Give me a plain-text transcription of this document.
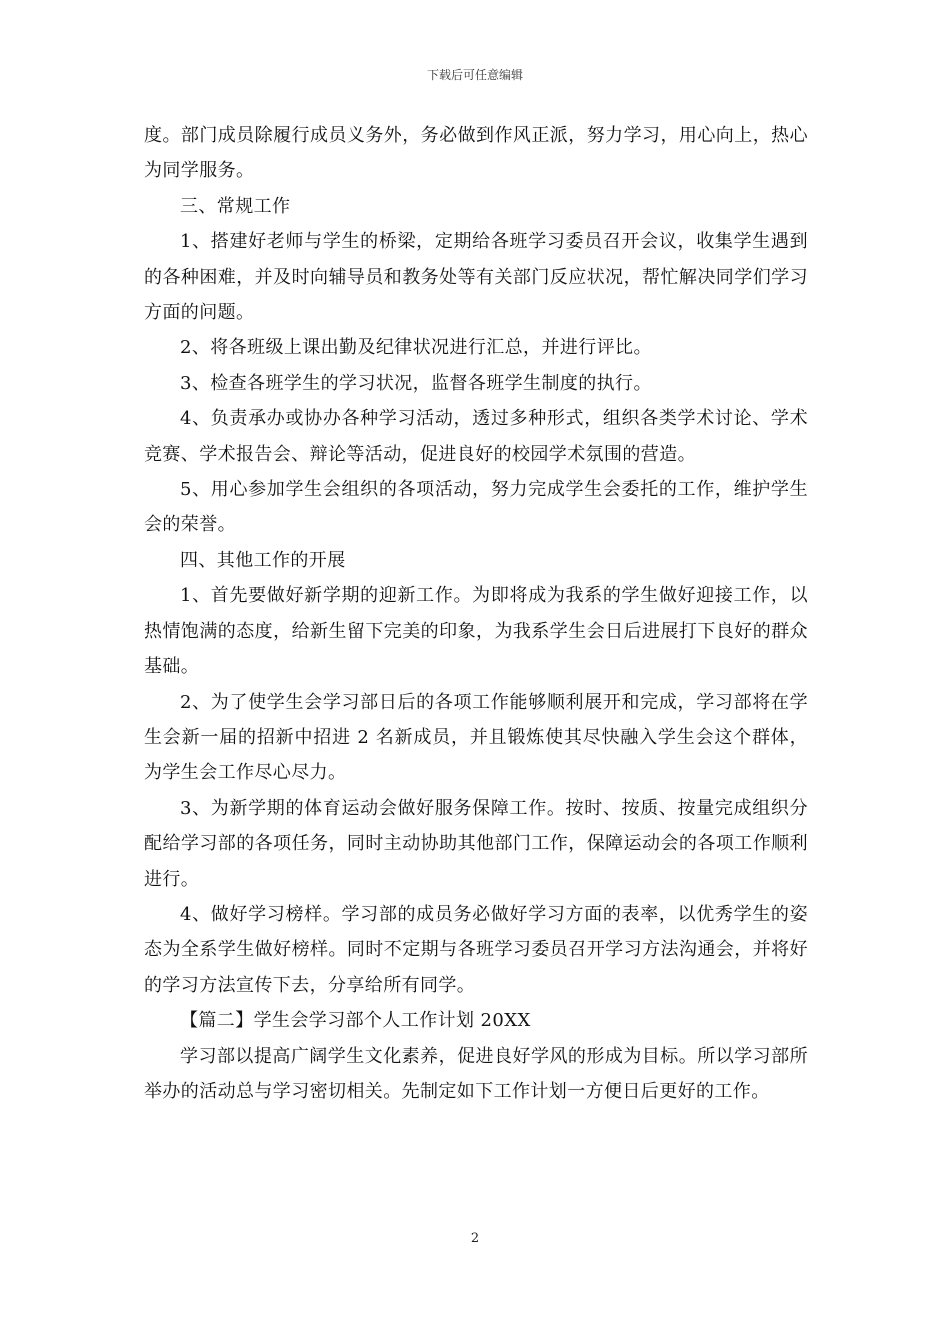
下载后可任意编辑

度。部门成员除履行成员义务外，务必做到作风正派，努力学习，用心向上，热心为同学服务。

三、常规工作

1、搭建好老师与学生的桥梁，定期给各班学习委员召开会议，收集学生遇到的各种困难，并及时向辅导员和教务处等有关部门反应状况，帮忙解决同学们学习方面的问题。

2、将各班级上课出勤及纪律状况进行汇总，并进行评比。

3、检查各班学生的学习状况，监督各班学生制度的执行。

4、负责承办或协办各种学习活动，透过多种形式，组织各类学术讨论、学术竞赛、学术报告会、辩论等活动，促进良好的校园学术氛围的营造。

5、用心参加学生会组织的各项活动，努力完成学生会委托的工作，维护学生会的荣誉。

四、其他工作的开展

1、首先要做好新学期的迎新工作。为即将成为我系的学生做好迎接工作，以热情饱满的态度，给新生留下完美的印象，为我系学生会日后进展打下良好的群众基础。

2、为了使学生会学习部日后的各项工作能够顺利展开和完成，学习部将在学生会新一届的招新中招进 2 名新成员，并且锻炼使其尽快融入学生会这个群体，为学生会工作尽心尽力。

3、为新学期的体育运动会做好服务保障工作。按时、按质、按量完成组织分配给学习部的各项任务，同时主动协助其他部门工作，保障运动会的各项工作顺利进行。

4、做好学习榜样。学习部的成员务必做好学习方面的表率，以优秀学生的姿态为全系学生做好榜样。同时不定期与各班学习委员召开学习方法沟通会，并将好的学习方法宣传下去，分享给所有同学。

【篇二】学生会学习部个人工作计划 20XX

学习部以提高广阔学生文化素养，促进良好学风的形成为目标。所以学习部所举办的活动总与学习密切相关。先制定如下工作计划一方便日后更好的工作。

2
